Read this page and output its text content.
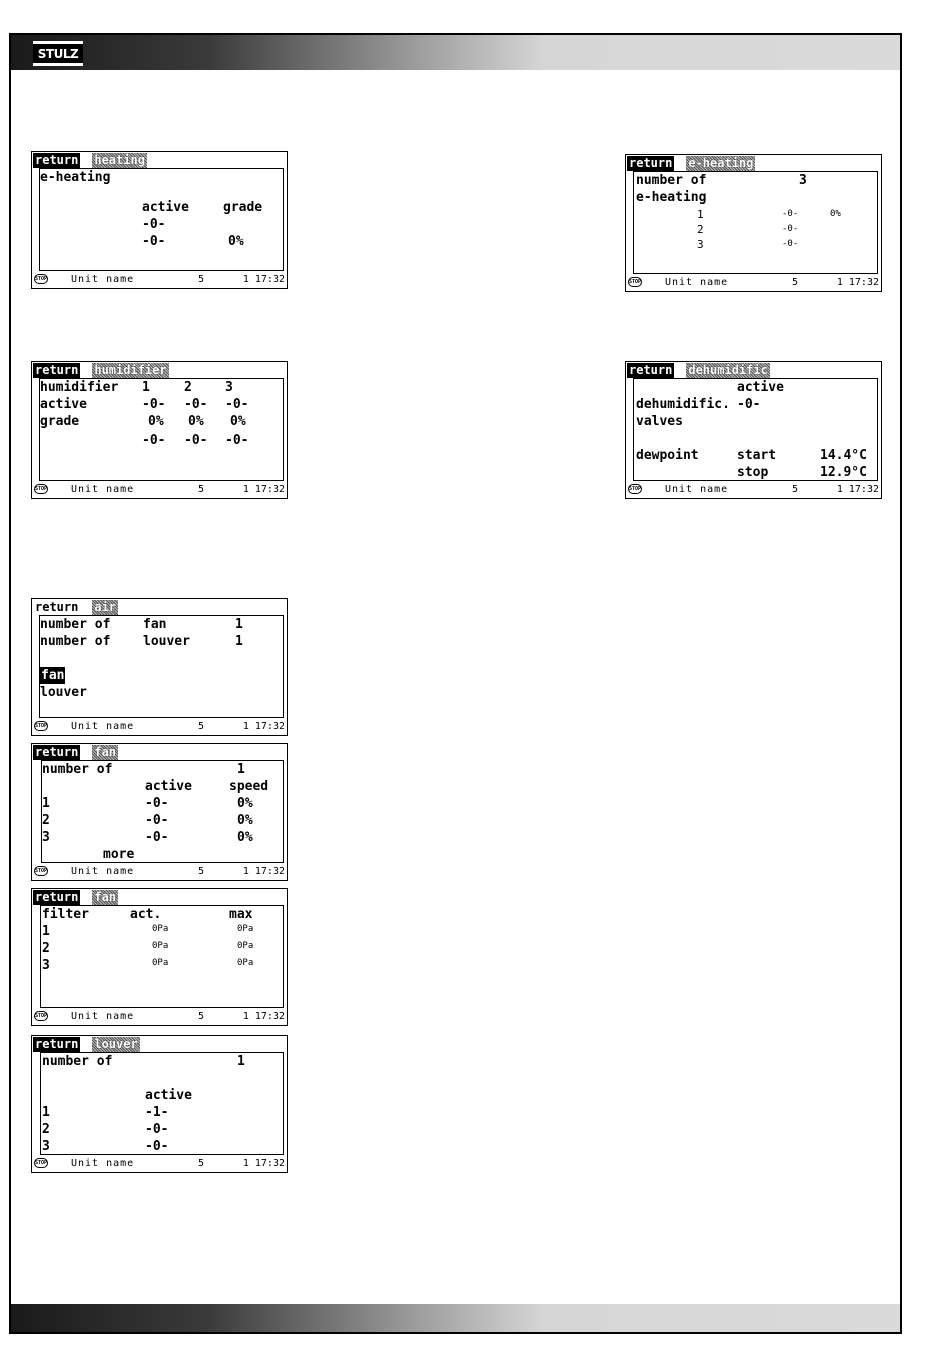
STULZ
return heating
e-heating
active	grade
-0-
-0-	0%
STOP Unit name	5	1 17:32
return e-heating
number of	3
e-heating
1	-0-	0%
2	-0-
3	-0-
STOP Unit name	5	1 17:32
return humidifier
humidifier 1	2	3
active	-0- -0- -0-
grade	0% 0% 0%
-0- -0- -0-
STOP Unit name	5	1 17:32
return dehumidific
active
dehumidific. -0-
valves
dewpoint	start	14.4°C
stop	12.9°C
STOP Unit name	5	1 17:32
return air
number of	fan	1
number of	louver	1
fan
louver
STOP Unit name	5	1 17:32
return fan
number of	1
active	speed
1	-0-	0%
2	-0-	0%
3	-0-	0%
more
STOP Unit name	5	1 17:32
return fan
filter	act.	max
1	0Pa	0Pa
2	0Pa	0Pa
3	0Pa	0Pa
STOP Unit name	5	1 17:32
return louver
number of	1
active
1	-1-
2	-0-
3	-0-
STOP Unit name	5	1 17:32
